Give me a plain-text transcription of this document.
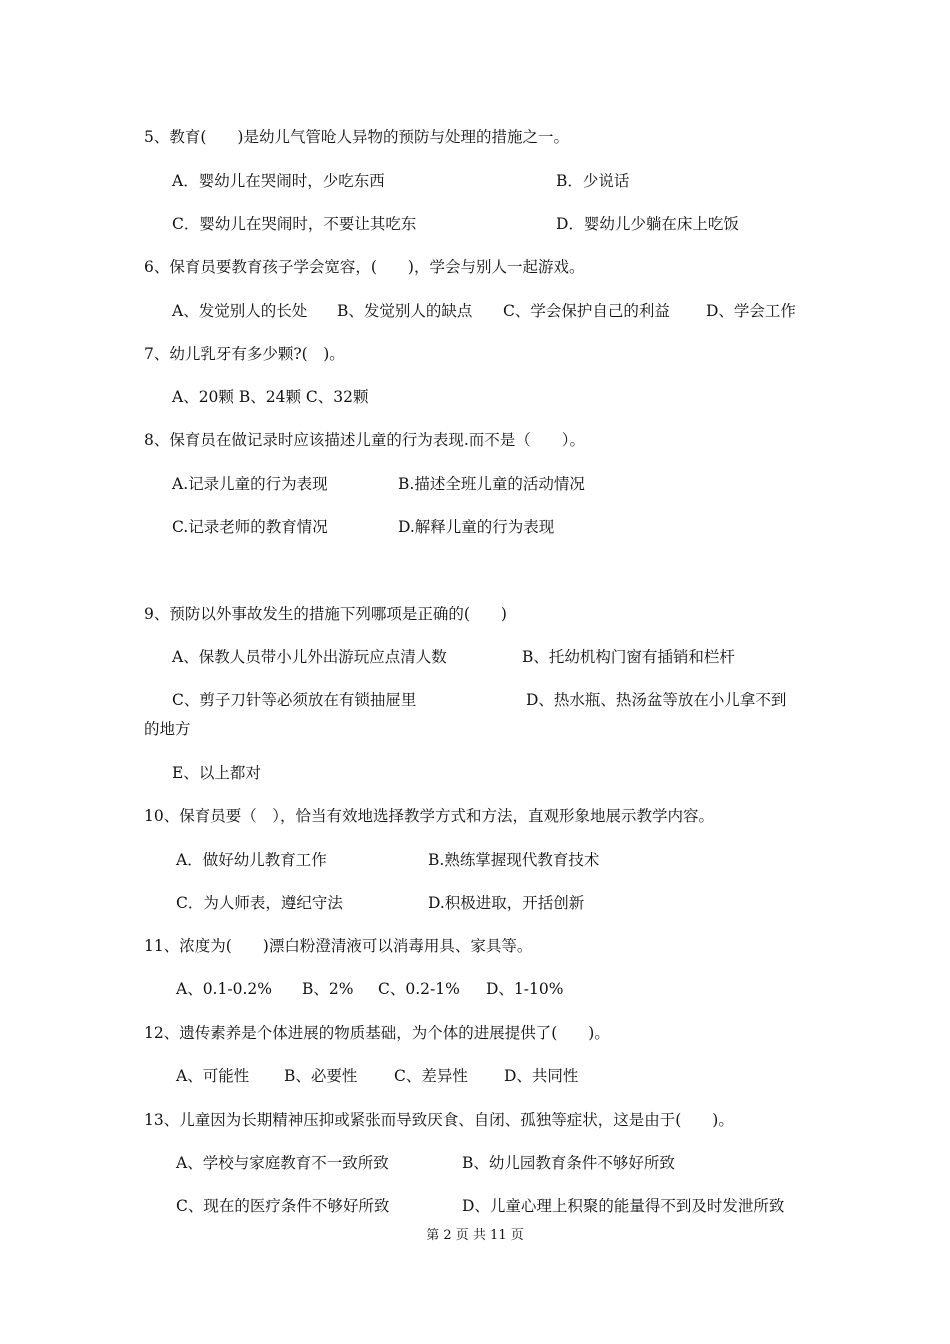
5、教育(　　)是幼儿气管呛人异物的预防与处理的措施之一。
A．婴幼儿在哭闹时，少吃东西	B．少说话
C．婴幼儿在哭闹时，不要让其吃东	D．婴幼儿少躺在床上吃饭
6、保育员要教育孩子学会宽容，(　　)，学会与别人一起游戏。
A、发觉别人的长处 B、发觉别人的缺点 C、学会保护自己的利益 D、学会工作
7、幼儿乳牙有多少颗?(　)。
A、20颗 B、24颗 C、32颗
8、保育员在做记录时应该描述儿童的行为表现.而不是（　　）。
A.记录儿童的行为表现	B.描述全班儿童的活动情况
C.记录老师的教育情况	D.解释儿童的行为表现
9、预防以外事故发生的措施下列哪项是正确的(　　)
A、保教人员带小儿外出游玩应点清人数	B、托幼机构门窗有插销和栏杆
C、剪子刀针等必须放在有锁抽屉里	D、热水瓶、热汤盆等放在小儿拿不到
的地方
E、以上都对
10、保育员要（　），恰当有效地选择教学方式和方法，直观形象地展示教学内容。
A．做好幼儿教育工作	B.熟练掌握现代教育技术
C．为人师表，遵纪守法	D.积极进取，开括创新
11、浓度为(　　)漂白粉澄清液可以消毒用具、家具等。
A、0.1-0.2% B、2% C、0.2-1% D、1-10%
12、遗传素养是个体进展的物质基础，为个体的进展提供了(　　)。
A、可能性 B、必要性 C、差异性 D、共同性
13、儿童因为长期精神压抑或紧张而导致厌食、自闭、孤独等症状，这是由于(　　)。
A、学校与家庭教育不一致所致	B、幼儿园教育条件不够好所致
C、现在的医疗条件不够好所致	D、儿童心理上积聚的能量得不到及时发泄所致
第 2 页 共 11 页
